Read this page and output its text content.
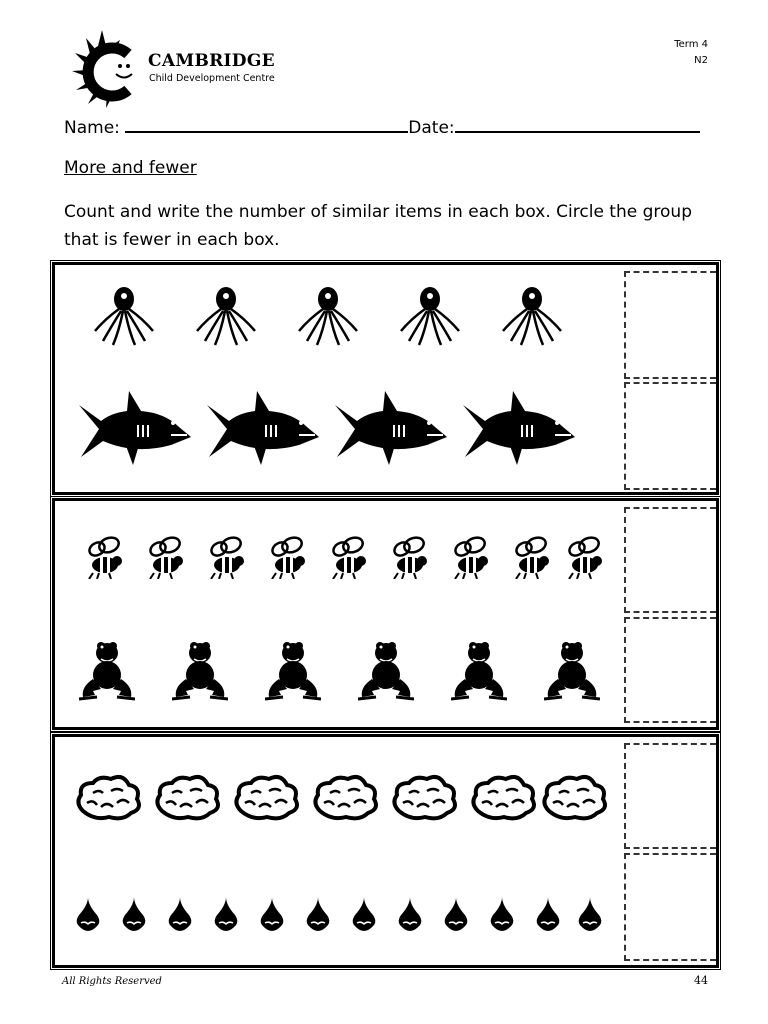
CAMBRIDGE
Child Development Centre
Term 4
N2
Name:	Date:
More and fewer
Count and write the number of similar items in each box. Circle the group that is fewer in each box.
All Rights Reserved	44
